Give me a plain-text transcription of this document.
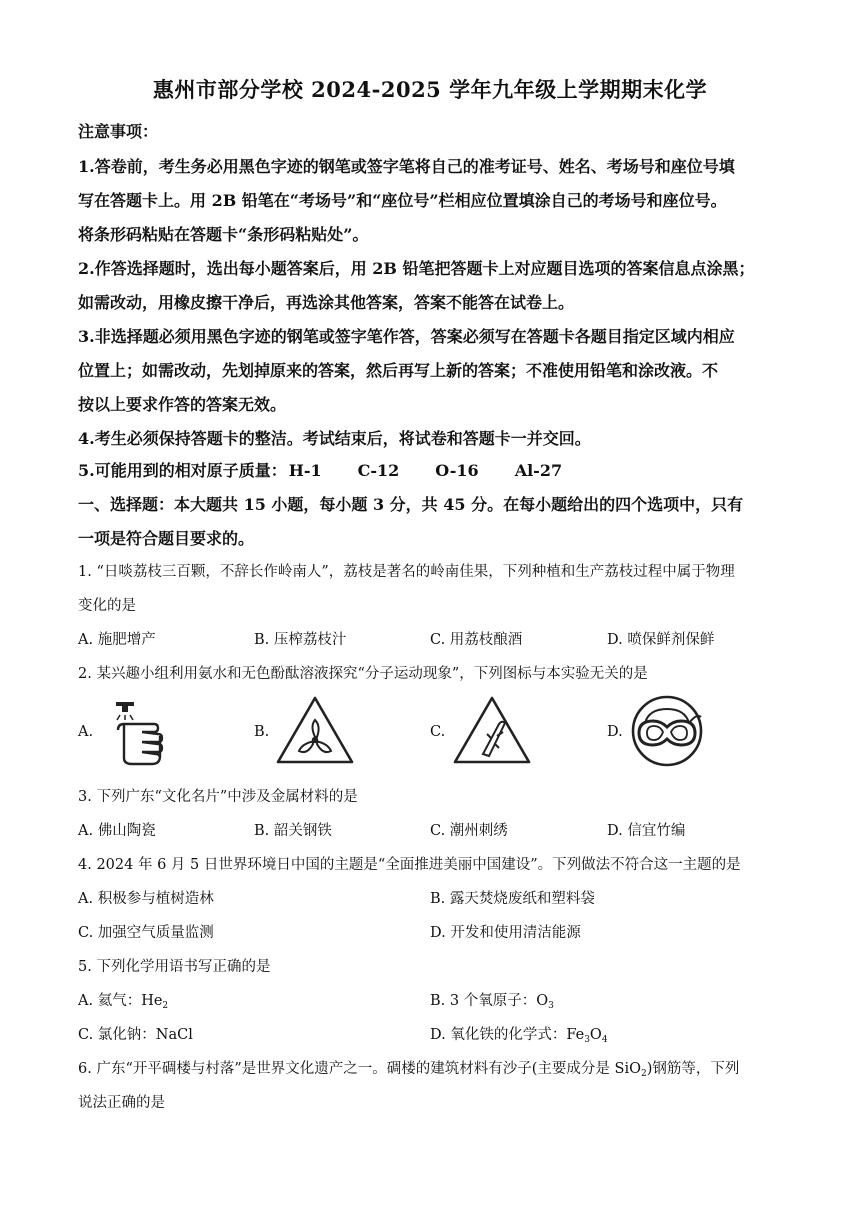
惠州市部分学校 2024-2025 学年九年级上学期期末化学
注意事项：
1.答卷前，考生务必用黑色字迹的钢笔或签字笔将自己的准考证号、姓名、考场号和座位号填
写在答题卡上。用 2B 铅笔在“考场号”和“座位号”栏相应位置填涂自己的考场号和座位号。
将条形码粘贴在答题卡“条形码粘贴处”。
2.作答选择题时，选出每小题答案后，用 2B 铅笔把答题卡上对应题目选项的答案信息点涂黑；
如需改动，用橡皮擦干净后，再选涂其他答案，答案不能答在试卷上。
3.非选择题必须用黑色字迹的钢笔或签字笔作答，答案必须写在答题卡各题目指定区域内相应
位置上；如需改动，先划掉原来的答案，然后再写上新的答案；不准使用铅笔和涂改液。不
按以上要求作答的答案无效。
4.考生必须保持答题卡的整洁。考试结束后，将试卷和答题卡一并交回。
5.可能用到的相对原子质量： H-1 C-12 O-16 Al-27
一、选择题：本大题共 15 小题，每小题 3 分，共 45 分。在每小题给出的四个选项中，只有
一项是符合题目要求的。
1. “日啖荔枝三百颗，不辞长作岭南人”，荔枝是著名的岭南佳果，下列种植和生产荔枝过程中属于物理
变化的是
A. 施肥增产	B. 压榨荔枝汁	C. 用荔枝酿酒	D. 喷保鲜剂保鲜
2. 某兴趣小组利用氨水和无色酚酞溶液探究“分子运动现象”，下列图标与本实验无关的是
A.	B.	C.	D.
3. 下列广东“文化名片”中涉及金属材料的是
A. 佛山陶瓷	B. 韶关钢铁	C. 潮州刺绣	D. 信宜竹编
4. 2024 年 6 月 5 日世界环境日中国的主题是“全面推进美丽中国建设”。下列做法不符合这一主题的是
A. 积极参与植树造林	B. 露天焚烧废纸和塑料袋
C. 加强空气质量监测	D. 开发和使用清洁能源
5. 下列化学用语书写正确的是
A. 氦气：$He_2$	B. 3 个氧原子：$O_3$
C. 氯化钠：NaCl	D. 氧化铁的化学式：$Fe_3O_4$
6. 广东“开平碉楼与村落”是世界文化遗产之一。碉楼的建筑材料有沙子(主要成分是 SiO$_2$)钢筋等，下列
说法正确的是
